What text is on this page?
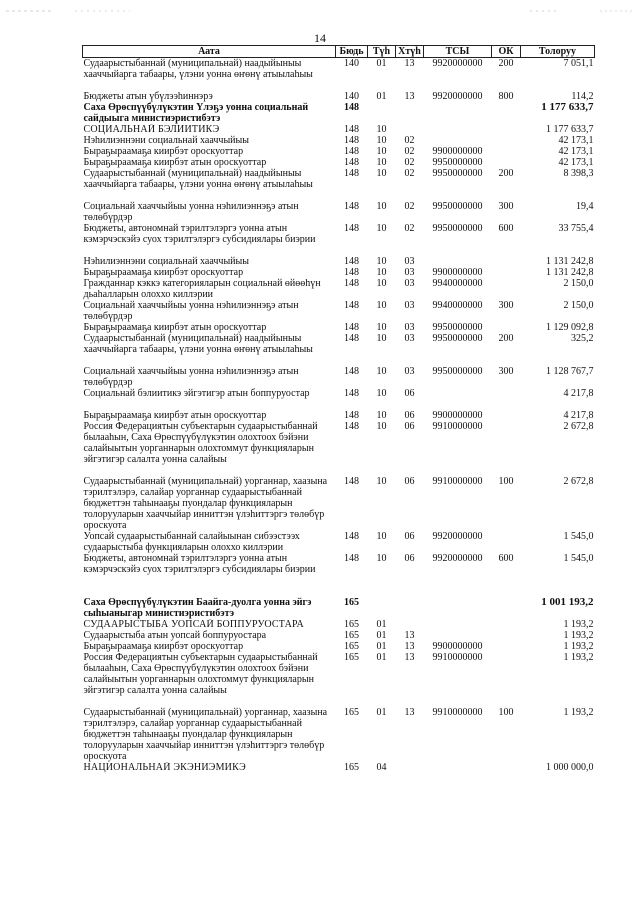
14
Аата	Бюдь	Түh	Хтүh	ТСЫ	ОК	Толоруу
Судаарыстыбаннай (муниципальнай) наадыйыныы хааччыйарга табаары, үлэни уонна өҥөнү атыылаhыы	140	01	13	9920000000	200	7 051,1
Бюджеты атын үбүлээhиннэрэ	140	01	13	9920000000	800	114,2
Саха Өрөспүүбүлүкэтин Үлэҕэ уонна социальнай сайдыыга министиэристибэтэ	148					1 177 633,7
СОЦИАЛЬНАЙ БЭЛИИТИКЭ	148	10				1 177 633,7
Нэhилиэннэни социальнай хааччыйыы	148	10	02			42 173,1
Быраҕыраамаҕа киирбэт ороскуоттар	148	10	02	9900000000		42 173,1
Быраҕыраамаҕа киирбэт атын ороскуоттар	148	10	02	9950000000		42 173,1
Судаарыстыбаннай (муниципальнай) наадыйыныы хааччыйарга табаары, үлэни уонна өҥөнү атыылаhыы	148	10	02	9950000000	200	8 398,3
Социальнай хааччыйыы уонна нэhилиэннэҕэ атын төлөбүрдэр	148	10	02	9950000000	300	19,4
Бюджеты, автономнай тэрилтэлэргэ уонна атын кэмэрчэскэйэ суох тэрилтэлэргэ субсидиялары биэрии	148	10	02	9950000000	600	33 755,4
Нэhилиэннэни социальнай хааччыйыы	148	10	03			1 131 242,8
Быраҕыраамаҕа киирбэт ороскуоттар	148	10	03	9900000000		1 131 242,8
Гражданнар кэккэ категорияларын социальнай өйөөhүн дьаhалларын олоххо киллэрии	148	10	03	9940000000		2 150,0
Социальнай хааччыйыы уонна нэhилиэннэҕэ атын төлөбүрдэр	148	10	03	9940000000	300	2 150,0
Быраҕыраамаҕа киирбэт атын ороскуоттар	148	10	03	9950000000		1 129 092,8
Судаарыстыбаннай (муниципальнай) наадыйыныы хааччыйарга табаары, үлэни уонна өҥөнү атыылаhыы	148	10	03	9950000000	200	325,2
Социальнай хааччыйыы уонна нэhилиэннэҕэ атын төлөбүрдэр	148	10	03	9950000000	300	1 128 767,7
Социальнай бэлиитикэ эйгэтигэр атын боппуруостар	148	10	06			4 217,8
Быраҕыраамаҕа киирбэт атын ороскуоттар	148	10	06	9900000000		4 217,8
Россия Федерациятын субъектарын судаарыстыбаннай былааhын, Саха Өрөспүүбүлүкэтин олохтоох бэйэни салайыытын уорганнарын олохтоммут функцияларын эйгэтигэр салалта уонна салайыы	148	10	06	9910000000		2 672,8
Судаарыстыбаннай (муниципальнай) уорганнар, хаазына тэрилтэлэрэ, салайар уорганнар судаарыстыбаннай бюджеттэн таhынааҕы пуондалар функцияларын толорууларын хааччыйар инниттэн үлэhиттэргэ төлөбүр ороскуота	148	10	06	9910000000	100	2 672,8
Уопсай судаарыстыбаннай салайыынан сибээстээх судаарыстыба функцияларын олоххо киллэрии	148	10	06	9920000000		1 545,0
Бюджеты, автономнай тэрилтэлэргэ уонна атын кэмэрчэскэйэ суох тэрилтэлэргэ субсидиялары биэрии	148	10	06	9920000000	600	1 545,0
Саха Өрөспүүбүлүкэтин Баайга-дуолга уонна эйгэ сыhыаныгар министиэристибэтэ	165					1 001 193,2
СУДААРЫСТЫБА УОПСАЙ БОППУРУОСТАРА	165	01				1 193,2
Судаарыстыба атын уопсай боппуруостара	165	01	13			1 193,2
Быраҕыраамаҕа киирбэт ороскуоттар	165	01	13	9900000000		1 193,2
Россия Федерациятын субъектарын судаарыстыбаннай былааhын, Саха Өрөспүүбүлүкэтин олохтоох бэйэни салайыытын уорганнарын олохтоммут функцияларын эйгэтигэр салалта уонна салайыы	165	01	13	9910000000		1 193,2
Судаарыстыбаннай (муниципальнай) уорганнар, хаазына тэрилтэлэрэ, салайар уорганнар судаарыстыбаннай бюджеттэн таhынааҕы пуондалар функцияларын толорууларын хааччыйар инниттэн үлэhиттэргэ төлөбүр ороскуота	165	01	13	9910000000	100	1 193,2
НАЦИОНАЛЬНАЙ ЭКЭНИЭМИКЭ	165	04				1 000 000,0
